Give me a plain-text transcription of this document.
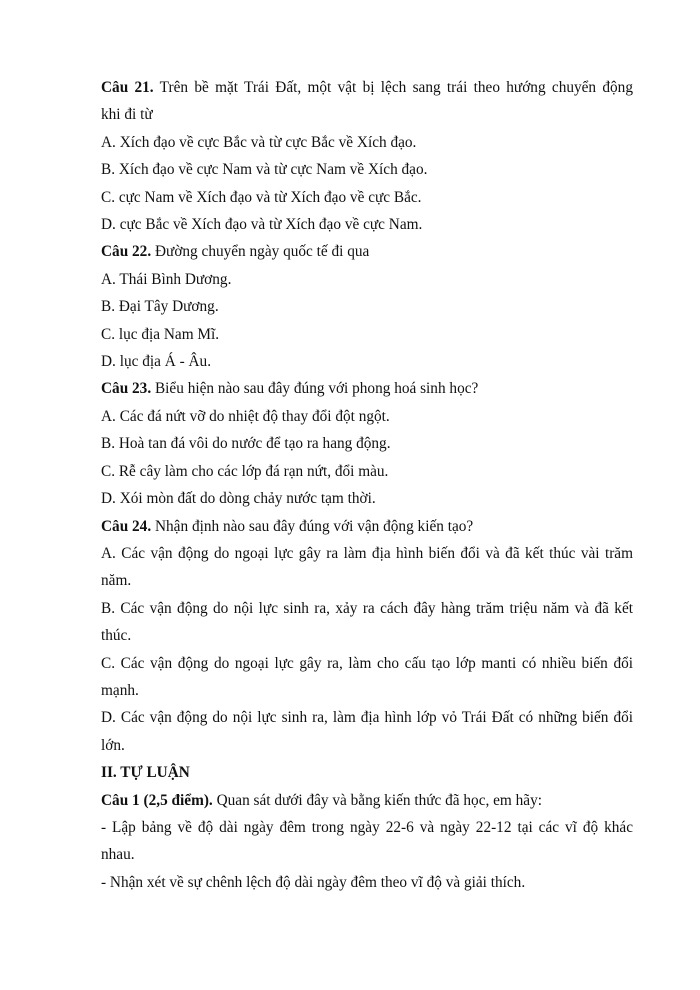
Câu 21. Trên bề mặt Trái Đất, một vật bị lệch sang trái theo hướng chuyển động
khi đi từ
A. Xích đạo về cực Bắc và từ cực Bắc về Xích đạo.
B. Xích đạo về cực Nam và từ cực Nam về Xích đạo.
C. cực Nam về Xích đạo và từ Xích đạo về cực Bắc.
D. cực Bắc về Xích đạo và từ Xích đạo về cực Nam.
Câu 22. Đường chuyển ngày quốc tế đi qua
A. Thái Bình Dương.
B. Đại Tây Dương.
C. lục địa Nam Mĩ.
D. lục địa Á - Âu.
Câu 23. Biểu hiện nào sau đây đúng với phong hoá sinh học?
A. Các đá nứt vỡ do nhiệt độ thay đổi đột ngột.
B. Hoà tan đá vôi do nước để tạo ra hang động.
C. Rễ cây làm cho các lớp đá rạn nứt, đổi màu.
D. Xói mòn đất do dòng chảy nước tạm thời.
Câu 24. Nhận định nào sau đây đúng với vận động kiến tạo?
A. Các vận động do ngoại lực gây ra làm địa hình biến đổi và đã kết thúc vài trăm
năm.
B. Các vận động do nội lực sinh ra, xảy ra cách đây hàng trăm triệu năm và đã kết
thúc.
C. Các vận động do ngoại lực gây ra, làm cho cấu tạo lớp manti có nhiều biến đổi
mạnh.
D. Các vận động do nội lực sinh ra, làm địa hình lớp vỏ Trái Đất có những biến đổi
lớn.
II. TỰ LUẬN
Câu 1 (2,5 điểm). Quan sát dưới đây và bằng kiến thức đã học, em hãy:
- Lập bảng về độ dài ngày đêm trong ngày 22-6 và ngày 22-12 tại các vĩ độ khác
nhau.
- Nhận xét về sự chênh lệch độ dài ngày đêm theo vĩ độ và giải thích.
